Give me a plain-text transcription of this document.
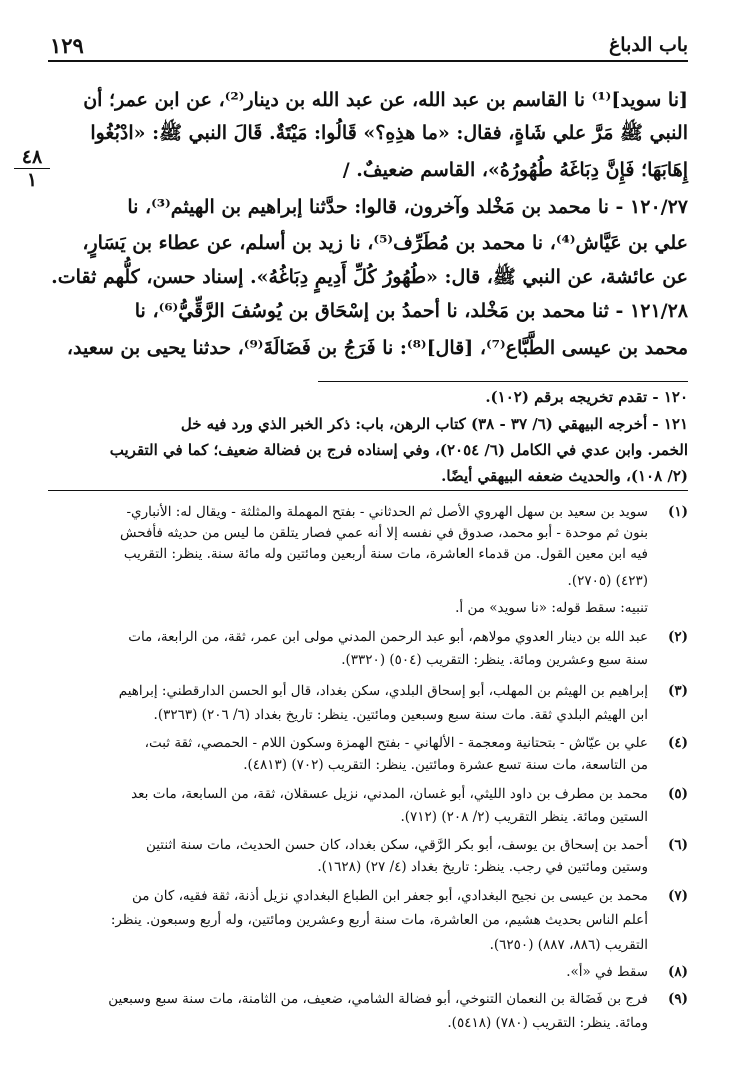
١٢٩	باب الدباغ
٤٨
١
[نا سويد]⁽¹⁾ نا القاسم بن عبد الله، عن عبد الله بن دينار⁽²⁾، عن ابن عمر؛ أن
النبي ﷺ مَرَّ علي شَاةٍ، فقال: «ما هذِهِ؟» قَالُوا: مَيْتَةٌ. قَالَ النبي ﷺ: «ادْبُغُوا
إِهَابَهَا؛ فَإِنَّ دِبَاغَهُ طُهُورُهُ»، القاسم ضعيفٌ. /
١٢٠/٢٧ - نا محمد بن مَخْلد وآخرون، قالوا: حدَّثنا إبراهيم بن الهيثم⁽³⁾، نا
علي بن عَيَّاش⁽⁴⁾، نا محمد بن مُطَرِّف⁽⁵⁾، نا زيد بن أسلم، عن عطاء بن يَسَارٍ،
عن عائشة، عن النبي ﷺ، قال: «طُهُورُ كُلِّ أَدِيمٍ دِبَاغُهُ». إسناد حسن، كلُّهم ثقات.
١٢١/٢٨ - ثنا محمد بن مَخْلد، نا أحمدُ بن إسْحَاق بن يُوسُفَ الرَّقِّيُّ⁽⁶⁾، نا
محمد بن عيسى الطَّبَّاع⁽⁷⁾، [قال]⁽⁸⁾: نا فَرَجُ بن فَضَالَةَ⁽⁹⁾، حدثنا يحيى بن سعيد،
١٢٠ - تقدم تخريجه برقم (١٠٢).
١٢١ - أخرجه البيهقي (٦/ ٣٧ - ٣٨) كتاب الرهن، باب: ذكر الخبر الذي ورد فيه خل
الخمر. وابن عدي في الكامل (٦/ ٢٠٥٤)، وفي إسناده فرج بن فضالة ضعيف؛ كما في التقريب
(٢/ ١٠٨)، والحديث ضعفه البيهقي أيضًا.
(١)
سويد بن سعيد بن سهل الهروي الأصل ثم الحدثاني - بفتح المهملة والمثلثة - ويقال له: الأنباري-
بنون ثم موحدة - أبو محمد، صدوق في نفسه إلا أنه عمي فصار يتلقن ما ليس من حديثه فأفحش
فيه ابن معين القول. من قدماء العاشرة، مات سنة أربعين ومائتين وله مائة سنة. ينظر: التقريب
(٤٢٣) (٢٧٠٥).
تنبيه: سقط قوله: «نا سويد» من أ.
(٢)
عبد الله بن دينار العدوي مولاهم، أبو عبد الرحمن المدني مولى ابن عمر، ثقة، من الرابعة، مات
سنة سبع وعشرين ومائة. ينظر: التقريب (٥٠٤) (٣٣٢٠).
(٣)
إبراهيم بن الهيثم بن المهلب، أبو إسحاق البلدي، سكن بغداد، قال أبو الحسن الدارقطني: إبراهيم
ابن الهيثم البلدي ثقة. مات سنة سبع وسبعين ومائتين. ينظر: تاريخ بغداد (٦/ ٢٠٦) (٣٢٦٣).
(٤)
علي بن عيّاش - بتحتانية ومعجمة - الألهاني - بفتح الهمزة وسكون اللام - الحمصي، ثقة ثبت،
من التاسعة، مات سنة تسع عشرة ومائتين. ينظر: التقريب (٧٠٢) (٤٨١٣).
(٥)
محمد بن مطرف بن داود الليثي، أبو غسان، المدني، نزيل عسقلان، ثقة، من السابعة، مات بعد
الستين ومائة. ينظر التقريب (٢/ ٢٠٨) (٧١٢).
(٦)
أحمد بن إسحاق بن يوسف، أبو بكر الرَّقي، سكن بغداد، كان حسن الحديث، مات سنة اثنتين
وستين ومائتين في رجب. ينظر: تاريخ بغداد (٤/ ٢٧) (١٦٢٨).
(٧)
محمد بن عيسى بن نجيح البغدادي، أبو جعفر ابن الطباع البغدادي نزيل أذنة، ثقة فقيه، كان من
أعلم الناس بحديث هشيم، من العاشرة، مات سنة أربع وعشرين ومائتين، وله أربع وسبعون. ينظر:
التقريب (٨٨٦، ٨٨٧) (٦٢٥٠).
(٨)
سقط في «أ».
(٩)
فرج بن فَضَالة بن النعمان التنوخي، أبو فضالة الشامي، ضعيف، من الثامنة، مات سنة سبع وسبعين
ومائة. ينظر: التقريب (٧٨٠) (٥٤١٨).
